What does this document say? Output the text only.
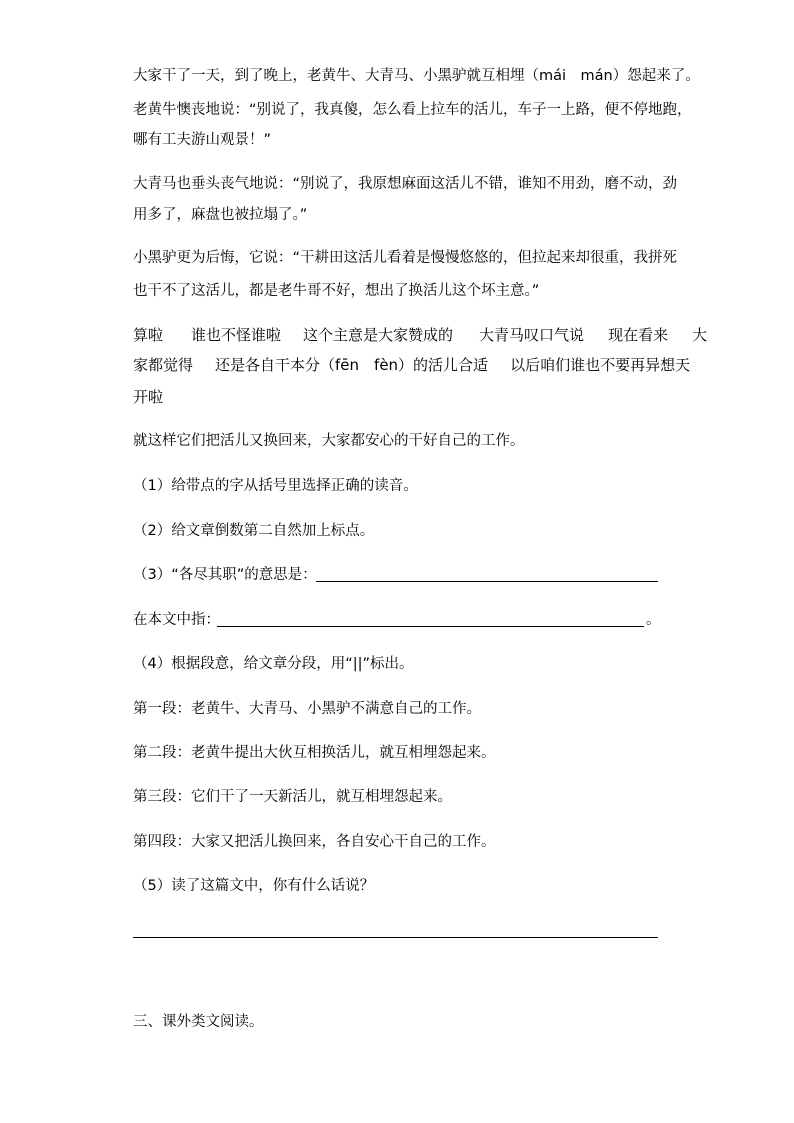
大家干了一天，到了晚上，老黄牛、大青马、小黑驴就互相埋（mái　mán）怨起来了。
老黄牛懊丧地说：“别说了，我真傻，怎么看上拉车的活儿，车子一上路，便不停地跑，
哪有工夫游山观景！”
大青马也垂头丧气地说：“别说了，我原想麻面这活儿不错，谁知不用劲，磨不动，劲
用多了，麻盘也被拉塌了。”
小黑驴更为后悔，它说：“干耕田这活儿看着是慢慢悠悠的，但拉起来却很重，我拼死
也干不了这活儿，都是老牛哥不好，想出了换活儿这个坏主意。”
算啦 谁也不怪谁啦 这个主意是大家赞成的 大青马叹口气说 现在看来 大
家都觉得 还是各自干本分（fēn　fèn）的活儿合适 以后咱们谁也不要再异想天
开啦
就这样它们把活儿又换回来，大家都安心的干好自己的工作。
（1）给带点的字从括号里选择正确的读音。
（2）给文章倒数第二自然加上标点。
（3）“各尽其职”的意思是：
在本文中指：	。
（4）根据段意，给文章分段，用“||”标出。
第一段：老黄牛、大青马、小黑驴不满意自己的工作。
第二段：老黄牛提出大伙互相换活儿，就互相埋怨起来。
第三段：它们干了一天新活儿，就互相埋怨起来。
第四段：大家又把活儿换回来，各自安心干自己的工作。
（5）读了这篇文中，你有什么话说？
三、课外类文阅读。
